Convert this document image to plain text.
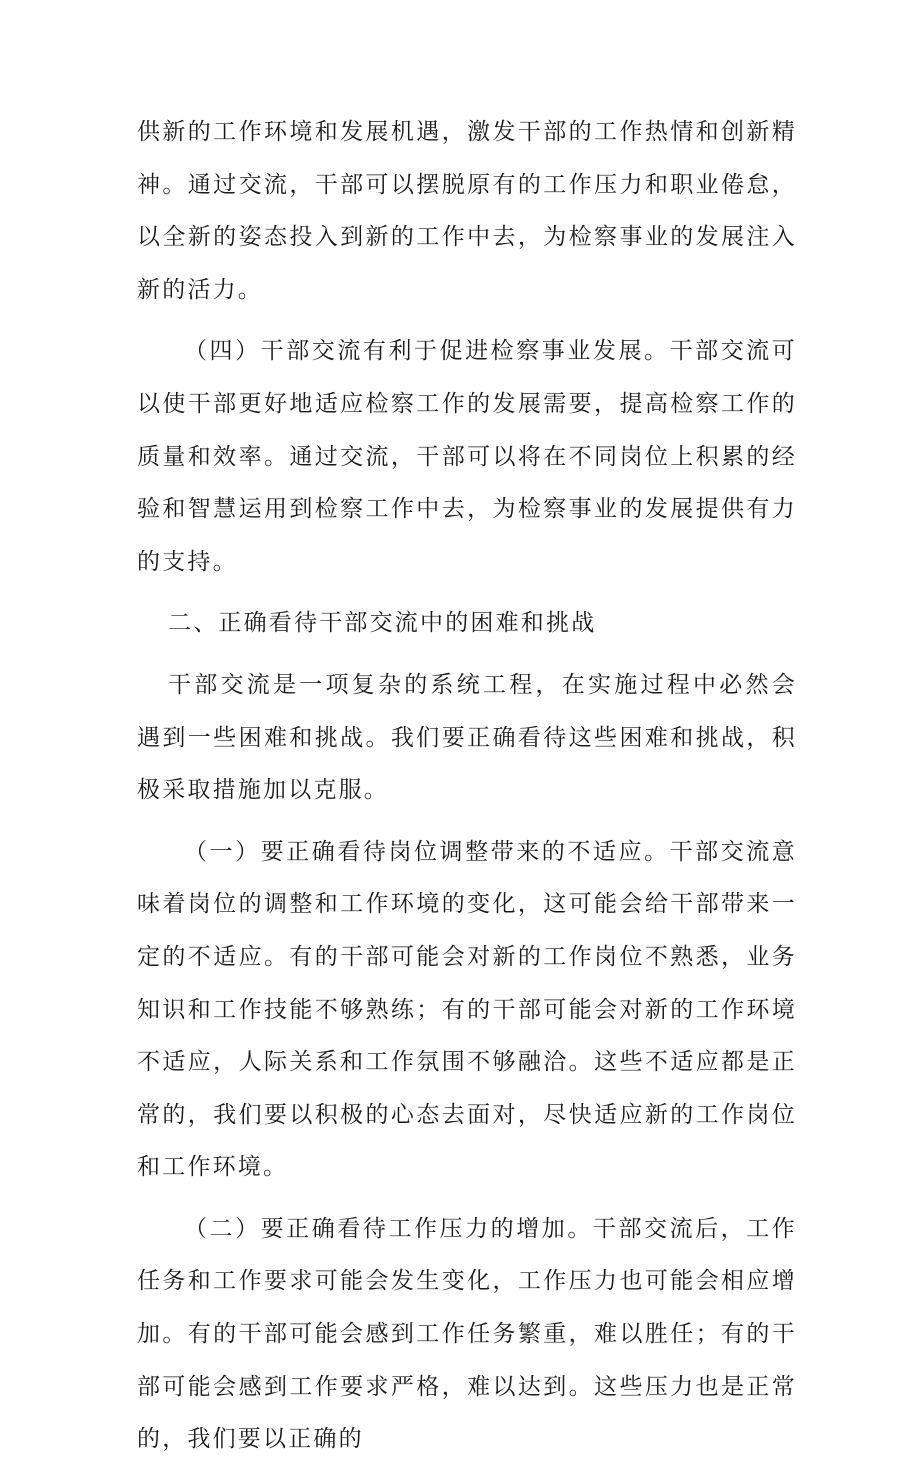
供新的工作环境和发展机遇，激发干部的工作热情和创新精神。通过交流，干部可以摆脱原有的工作压力和职业倦怠，以全新的姿态投入到新的工作中去，为检察事业的发展注入新的活力。

（四）干部交流有利于促进检察事业发展。干部交流可以使干部更好地适应检察工作的发展需要，提高检察工作的质量和效率。通过交流，干部可以将在不同岗位上积累的经验和智慧运用到检察工作中去，为检察事业的发展提供有力的支持。

二、正确看待干部交流中的困难和挑战

干部交流是一项复杂的系统工程，在实施过程中必然会遇到一些困难和挑战。我们要正确看待这些困难和挑战，积极采取措施加以克服。

（一）要正确看待岗位调整带来的不适应。干部交流意味着岗位的调整和工作环境的变化，这可能会给干部带来一定的不适应。有的干部可能会对新的工作岗位不熟悉，业务知识和工作技能不够熟练；有的干部可能会对新的工作环境不适应，人际关系和工作氛围不够融洽。这些不适应都是正常的，我们要以积极的心态去面对，尽快适应新的工作岗位和工作环境。

（二）要正确看待工作压力的增加。干部交流后，工作任务和工作要求可能会发生变化，工作压力也可能会相应增加。有的干部可能会感到工作任务繁重，难以胜任；有的干部可能会感到工作要求严格，难以达到。这些压力也是正常的，我们要以正确的
